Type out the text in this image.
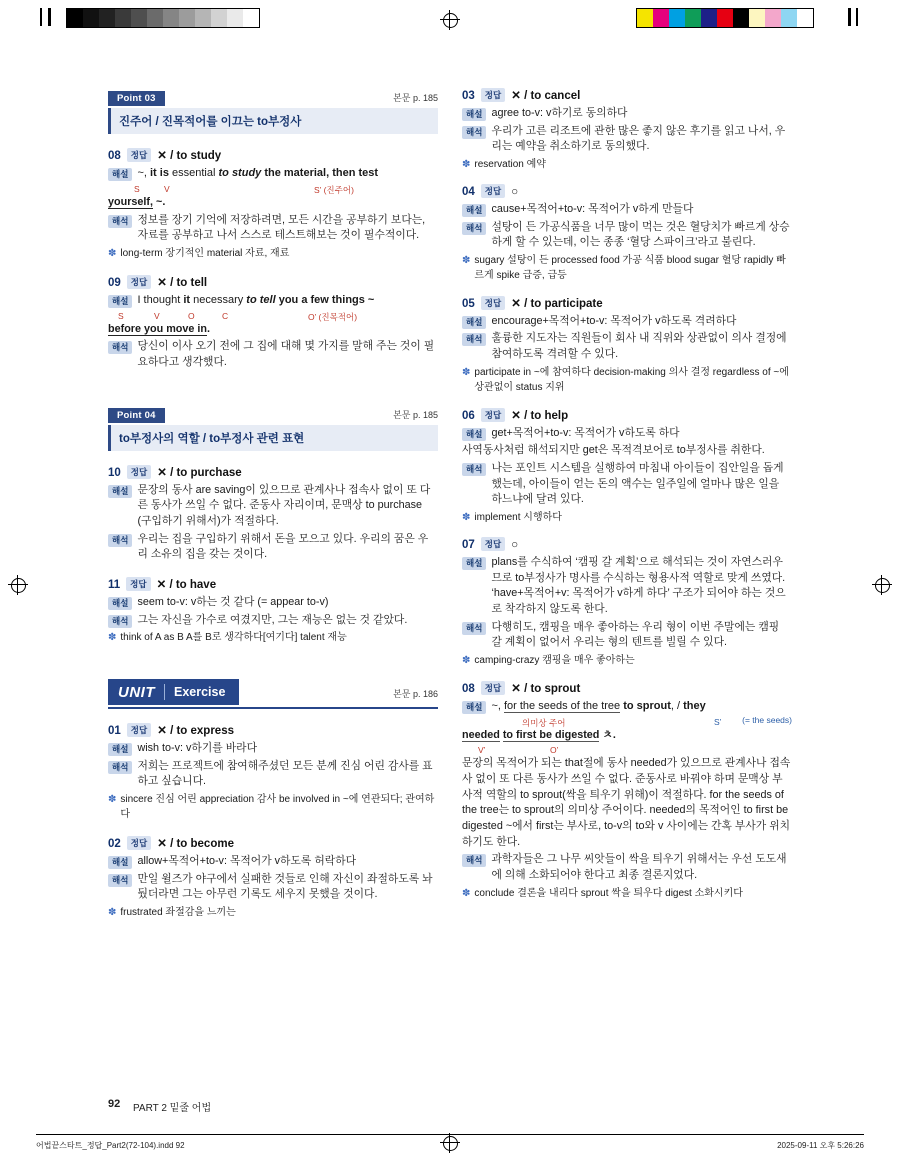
Point 03	본문 p. 185
진주어 / 진목적어를 이끄는 to부정사
08	정답 ✕ / to study
해설 ~, it is essential to study the material, then test
S	V	S’ (진주어)
yourself, ~.
해석 정보를 장기 기억에 저장하려면, 모든 시간을 공부하기 보다는, 자료를 공부하고 나서 스스로 테스트해보는 것이 필수적이다.
✽ long-term 장기적인 material 자료, 재료
09	정답 ✕ / to tell
해설 I thought it necessary to tell you a few things ~
S	V	O	C	O’ (진목적어)
before you move in.
해석 당신이 이사 오기 전에 그 집에 대해 몇 가지를 말해 주는 것이 필요하다고 생각했다.
Point 04	본문 p. 185
to부정사의 역할 / to부정사 관련 표현
10	정답 ✕ / to purchase
해설 문장의 동사 are saving이 있으므로 관계사나 접속사 없이 또 다른 동사가 쓰일 수 없다. 준동사 자리이며, 문맥상 to purchase (구입하기 위해서)가 적절하다.
해석 우리는 집을 구입하기 위해서 돈을 모으고 있다. 우리의 꿈은 우리 소유의 집을 갖는 것이다.
11	정답 ✕ / to have
해설 seem to-v: v하는 것 같다 (= appear to-v)
해석 그는 자신을 가수로 여겼지만, 그는 재능은 없는 것 같았다.
✽ think of A as B A를 B로 생각하다[여기다] talent 재능
UNIT Exercise	본문 p. 186
01	정답 ✕ / to express
해설 wish to-v: v하기를 바라다
해석 저희는 프로젝트에 참여해주셨던 모든 분께 진심 어린 감사를 표하고 싶습니다.
✽ sincere 진심 어린 appreciation 감사 be involved in ~에 연관되다; 관여하다
02	정답 ✕ / to become
해설 allow+목적어+to-v: 목적어가 v하도록 허락하다
해석 만일 윌즈가 야구에서 실패한 것들로 인해 자신이 좌절하도록 놔뒀더라면 그는 아무런 기록도 세우지 못했을 것이다.
✽ frustrated 좌절감을 느끼는
03	정답 ✕ / to cancel
해설 agree to-v: v하기로 동의하다
해석 우리가 고른 리조트에 관한 많은 좋지 않은 후기를 읽고 나서, 우리는 예약을 취소하기로 동의했다.
✽ reservation 예약
04	정답 ○
해설 cause+목적어+to-v: 목적어가 v하게 만들다
해석 설탕이 든 가공식품을 너무 많이 먹는 것은 혈당치가 빠르게 상승하게 할 수 있는데, 이는 종종 ‘혈당 스파이크’라고 불린다.
✽ sugary 설탕이 든 processed food 가공 식품 blood sugar 혈당 rapidly 빠르게 spike 급증, 급등
05	정답 ✕ / to participate
해설 encourage+목적어+to-v: 목적어가 v하도록 격려하다
해석 훌륭한 지도자는 직원들이 회사 내 직위와 상관없이 의사 결정에 참여하도록 격려할 수 있다.
✽ participate in ~에 참여하다 decision-making 의사 결정 regardless of ~에 상관없이 status 지위
06	정답 ✕ / to help
해설 get+목적어+to-v: 목적어가 v하도록 하다
사역동사처럼 해석되지만 get은 목적격보어로 to부정사를 취한다.
해석 나는 포인트 시스템을 실행하여 마침내 아이들이 집안일을 돕게 했는데, 아이들이 얻는 돈의 액수는 일주일에 얼마나 많은 일을 하느냐에 달려 있다.
✽ implement 시행하다
07	정답 ○
해설 plans를 수식하여 ‘캠핑 갈 계획’으로 해석되는 것이 자연스러우므로 to부정사가 명사를 수식하는 형용사적 역할로 맞게 쓰였다. ‘have+목적어+v: 목적어가 v하게 하다’ 구조가 되어야 하는 것으로 착각하지 않도록 한다.
해석 다행히도, 캠핑을 매우 좋아하는 우리 형이 이번 주말에는 캠핑 갈 계획이 없어서 우리는 형의 텐트를 빌릴 수 있다.
✽ camping-crazy 캠핑을 매우 좋아하는
08	정답 ✕ / to sprout
해설 ~, for the seeds of the tree to sprout, / they
의미상 주어	S’
needed to first be digested ㅊ.
(= the seeds)
V’	O’
문장의 목적어가 되는 that절에 동사 needed가 있으므로 관계사나 접속사 없이 또 다른 동사가 쓰일 수 없다. 준동사로 바꿔야 하며 문맥상 부사적 역할의 to sprout(싹을 틔우기 위해)이 적절하다. for the seeds of the tree는 to sprout의 의미상 주어이다. needed의 목적어인 to first be digested ~에서 first는 부사로, to-v의 to와 v 사이에는 간혹 부사가 위치하기도 한다.
해석 과학자들은 그 나무 씨앗들이 싹을 틔우기 위해서는 우선 도도새에 의해 소화되어야 한다고 최종 결론지었다.
✽ conclude 결론을 내리다 sprout 싹을 틔우다 digest 소화시키다
92 PART 2 밑줄 어법
어법끝스타트_정답_Part2(72-104).indd 92	2025-09-11 오후 5:26:26
